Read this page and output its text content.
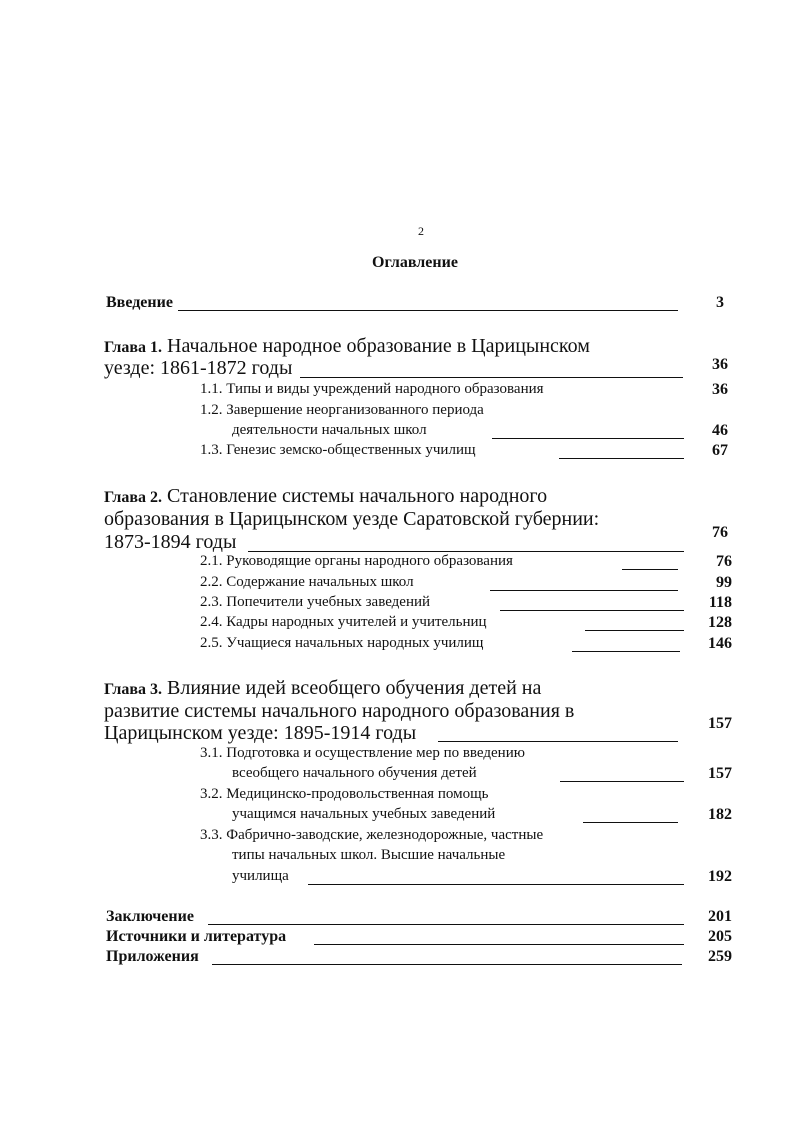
2
Оглавление
Введение	3
Глава 1. Начальное народное образование в Царицынском
уезде: 1861-1872 годы	36
1.1. Типы и виды учреждений народного образования	36
1.2. Завершение неорганизованного периода
деятельности начальных школ	46
1.3. Генезис земско-общественных училищ	67
Глава 2. Становление системы начального народного
образования в Царицынском уезде Саратовской губернии:
1873-1894 годы	76
2.1. Руководящие органы народного образования	76
2.2. Содержание начальных школ	99
2.3. Попечители учебных заведений	118
2.4. Кадры народных учителей и учительниц	128
2.5. Учащиеся начальных народных училищ	146
Глава 3. Влияние идей всеобщего обучения детей на
развитие системы начального народного образования в
Царицынском уезде: 1895-1914 годы	157
3.1. Подготовка и осуществление мер по введению
всеобщего начального обучения детей	157
3.2. Медицинско-продовольственная помощь
учащимся начальных учебных заведений	182
3.3. Фабрично-заводские, железнодорожные, частные
типы начальных школ. Высшие начальные
училища	192
Заключение	201
Источники и литература	205
Приложения	259
